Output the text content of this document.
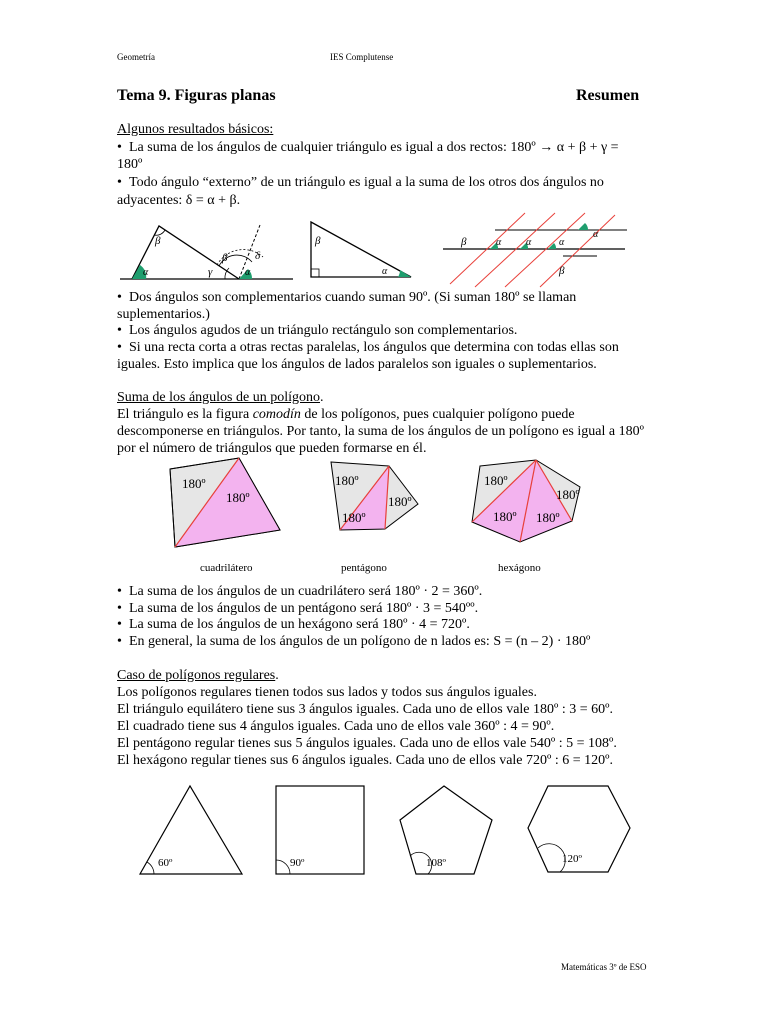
Geometría	IES Complutense
Tema 9. Figuras planas	Resumen
Algunos resultados básicos:
• La suma de los ángulos de cualquier triángulo es igual a dos rectos: 180º → α + β + γ =
180º
• Todo ángulo “externo” de un triángulo es igual a la suma de los otros dos ángulos no
adyacentes: δ = α + β.
β
α	γ
β
α
δ
β
α
β	α α	α
α
β
• Dos ángulos son complementarios cuando suman 90º. (Si suman 180º se llaman
suplementarios.)
• Los ángulos agudos de un triángulo rectángulo son complementarios.
• Si una recta corta a otras rectas paralelas, los ángulos que determina con todas ellas son
iguales. Esto implica que los ángulos de lados paralelos son iguales o suplementarios.
Suma de los ángulos de un polígono.
El triángulo es la figura comodín de los polígonos, pues cualquier polígono puede
descomponerse en triángulos. Por tanto, la suma de los ángulos de un polígono es igual a 180º
por el número de triángulos que pueden formarse en él.
180º
180º
cuadrilátero
180º
180º
180º
pentágono
180º
180º
180º 180º
hexágono
• La suma de los ángulos de un cuadrilátero será 180º · 2 = 360º.
• La suma de los ángulos de un pentágono será 180º · 3 = 540ºº.
• La suma de los ángulos de un hexágono será 180º · 4 = 720º.
• En general, la suma de los ángulos de un polígono de n lados es: S = (n – 2) · 180º
Caso de polígonos regulares.
Los polígonos regulares tienen todos sus lados y todos sus ángulos iguales.
El triángulo equilátero tiene sus 3 ángulos iguales. Cada uno de ellos vale 180º : 3 = 60º.
El cuadrado tiene sus 4 ángulos iguales. Cada uno de ellos vale 360º : 4 = 90º.
El pentágono regular tienes sus 5 ángulos iguales. Cada uno de ellos vale 540º : 5 = 108º.
El hexágono regular tienes sus 6 ángulos iguales. Cada uno de ellos vale 720º : 6 = 120º.
60º	90º	108º	120º
Matemáticas 3º de ESO
